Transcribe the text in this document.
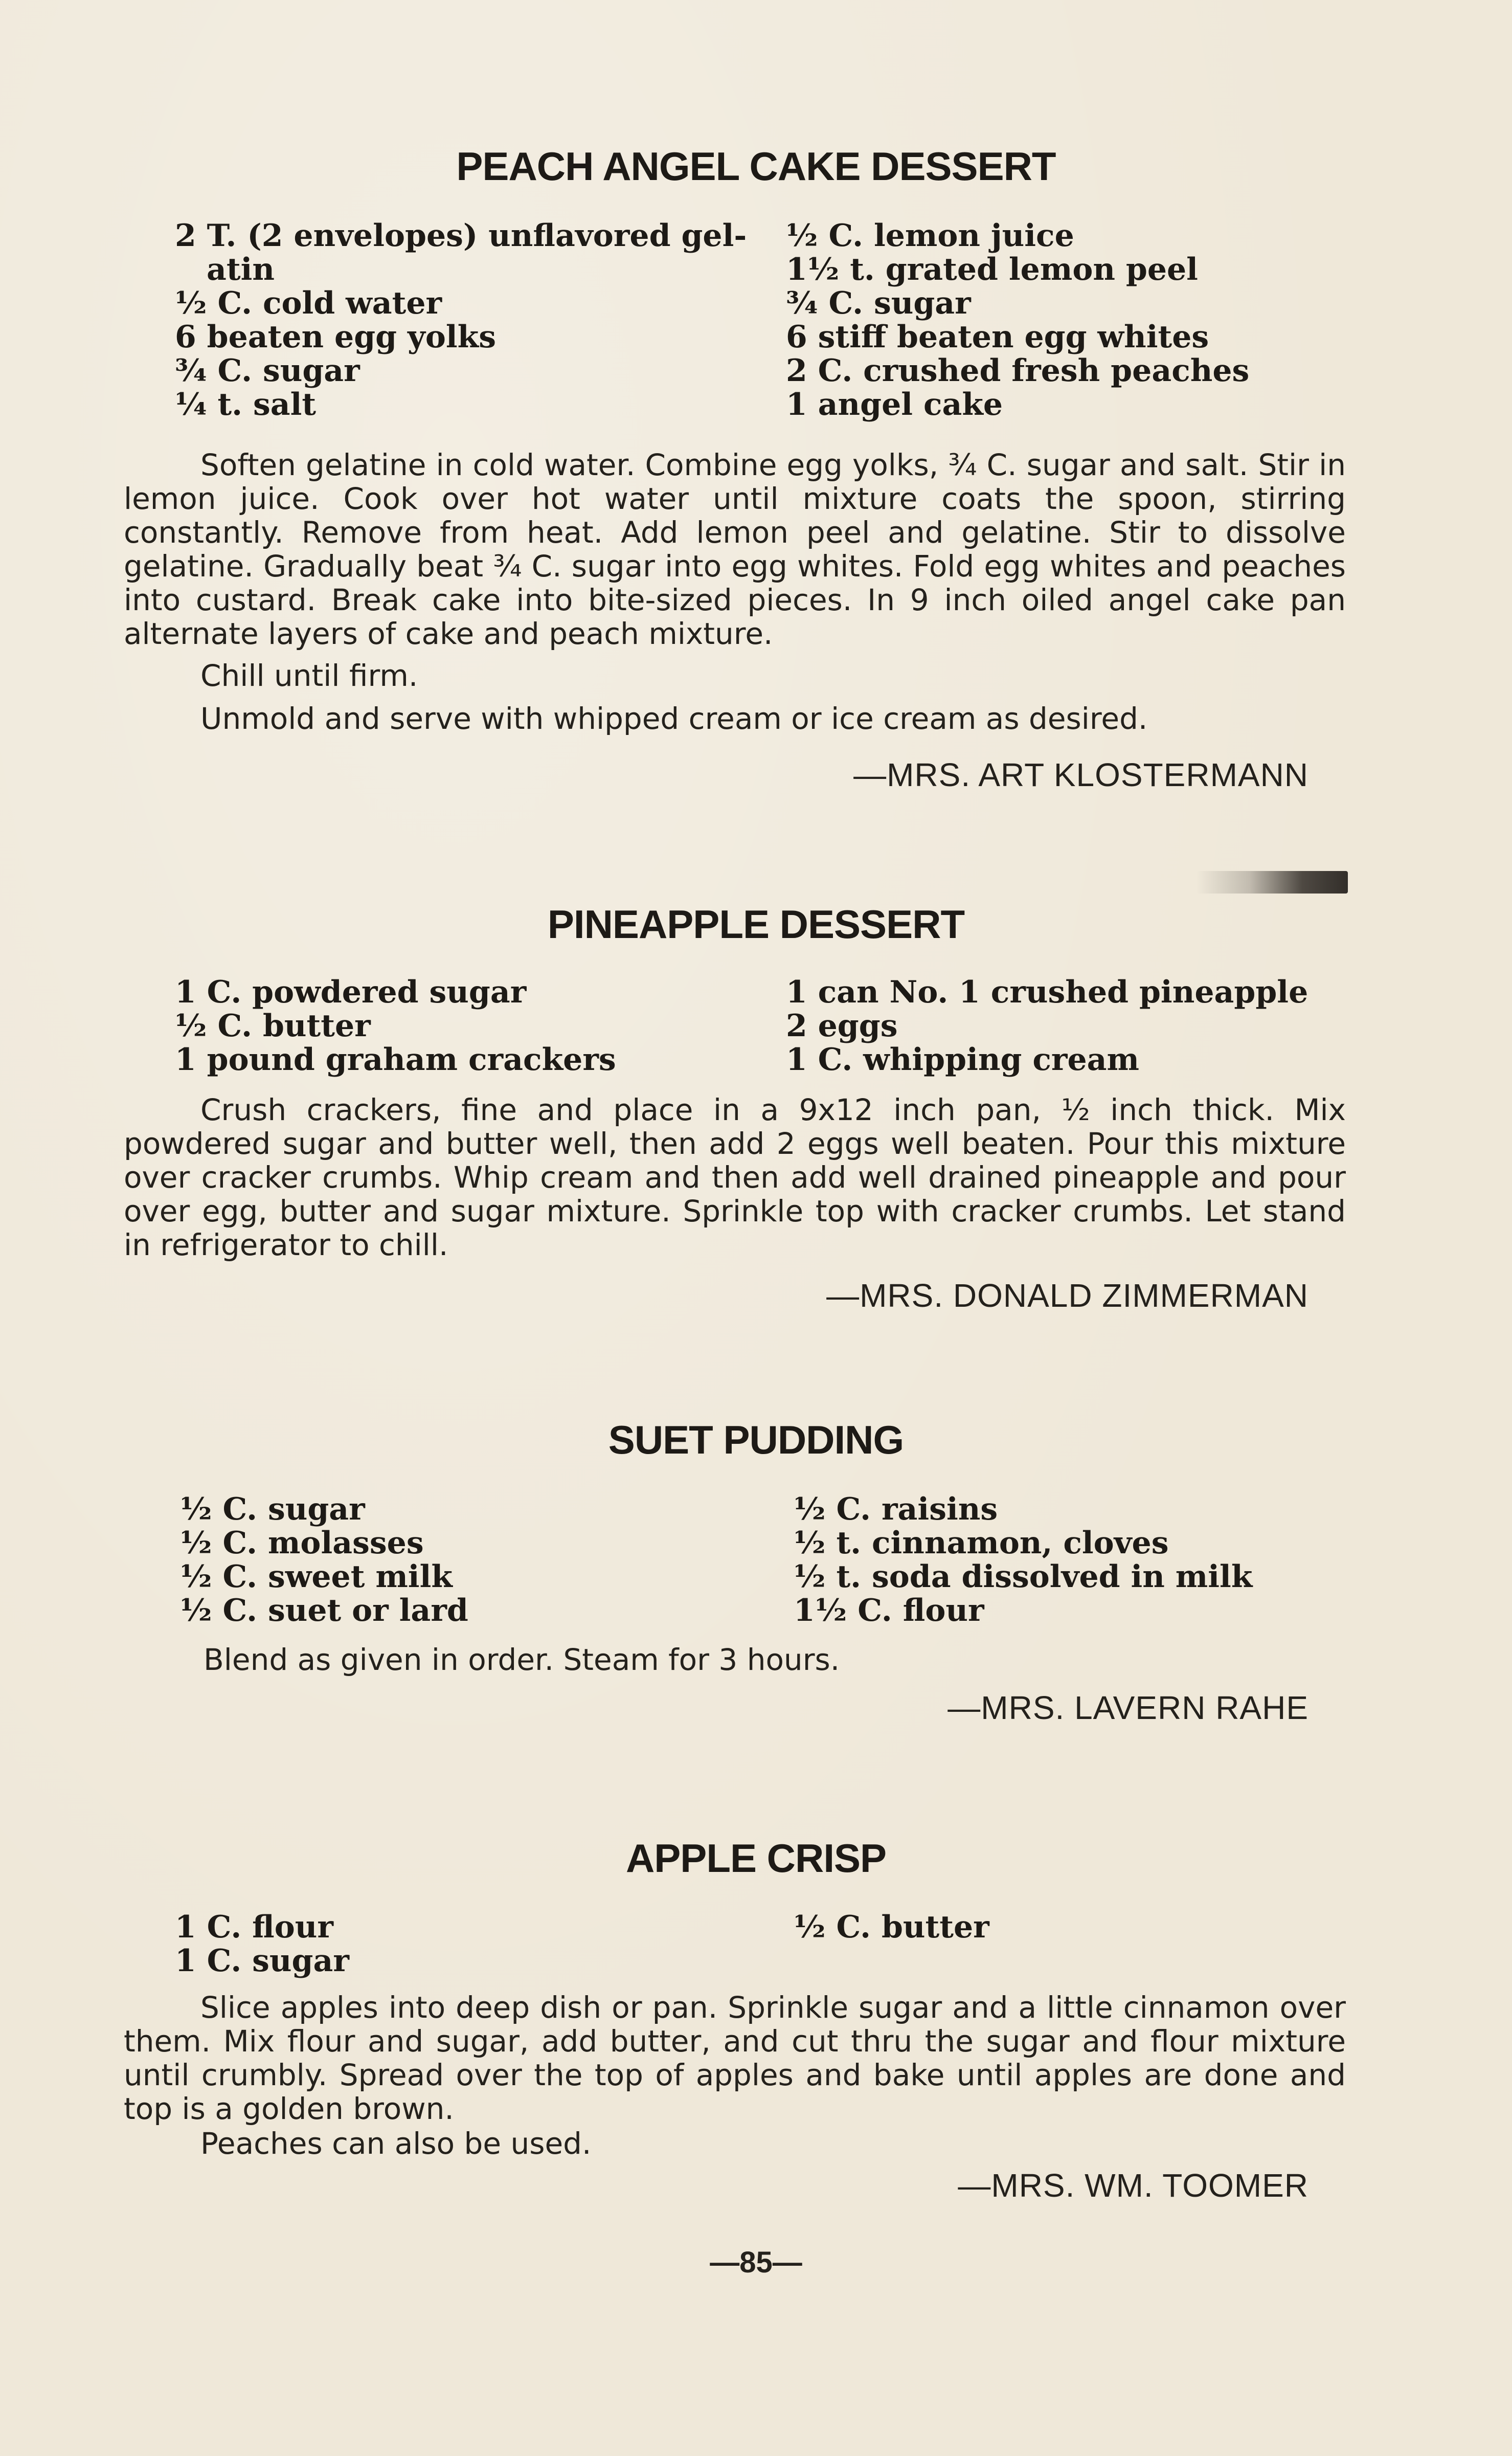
PEACH ANGEL CAKE DESSERT
2 T. (2 envelopes) unflavored gel-
atin
½ C. cold water
6 beaten egg yolks
¾ C. sugar
¼ t. salt
½ C. lemon juice
1½ t. grated lemon peel
¾ C. sugar
6 stiff beaten egg whites
2 C. crushed fresh peaches
1 angel cake
Soften gelatine in cold water. Combine egg yolks, ¾ C. sugar and salt. Stir in lemon juice. Cook over hot water until mixture coats the spoon, stirring constantly. Remove from heat. Add lemon peel and gelatine. Stir to dissolve gelatine. Gradually beat ¾ C. sugar into egg whites. Fold egg whites and peaches into custard. Break cake into bite-sized pieces. In 9 inch oiled angel cake pan alternate layers of cake and peach mixture.
Chill until firm.
Unmold and serve with whipped cream or ice cream as desired.
—MRS. ART KLOSTERMANN
PINEAPPLE DESSERT
1 C. powdered sugar
½ C. butter
1 pound graham crackers
1 can No. 1 crushed pineapple
2 eggs
1 C. whipping cream
Crush crackers, fine and place in a 9x12 inch pan, ½ inch thick. Mix powdered sugar and butter well, then add 2 eggs well beaten. Pour this mixture over cracker crumbs. Whip cream and then add well drained pineapple and pour over egg, butter and sugar mixture. Sprinkle top with cracker crumbs. Let stand in refrigerator to chill.
—MRS. DONALD ZIMMERMAN
SUET PUDDING
½ C. sugar
½ C. molasses
½ C. sweet milk
½ C. suet or lard
½ C. raisins
½ t. cinnamon, cloves
½ t. soda dissolved in milk
1½ C. flour
Blend as given in order. Steam for 3 hours.
—MRS. LAVERN RAHE
APPLE CRISP
1 C. flour
1 C. sugar
½ C. butter
Slice apples into deep dish or pan. Sprinkle sugar and a little cinnamon over them. Mix flour and sugar, add butter, and cut thru the sugar and flour mixture until crumbly. Spread over the top of apples and bake until apples are done and top is a golden brown.
Peaches can also be used.
—MRS. WM. TOOMER
—85—
